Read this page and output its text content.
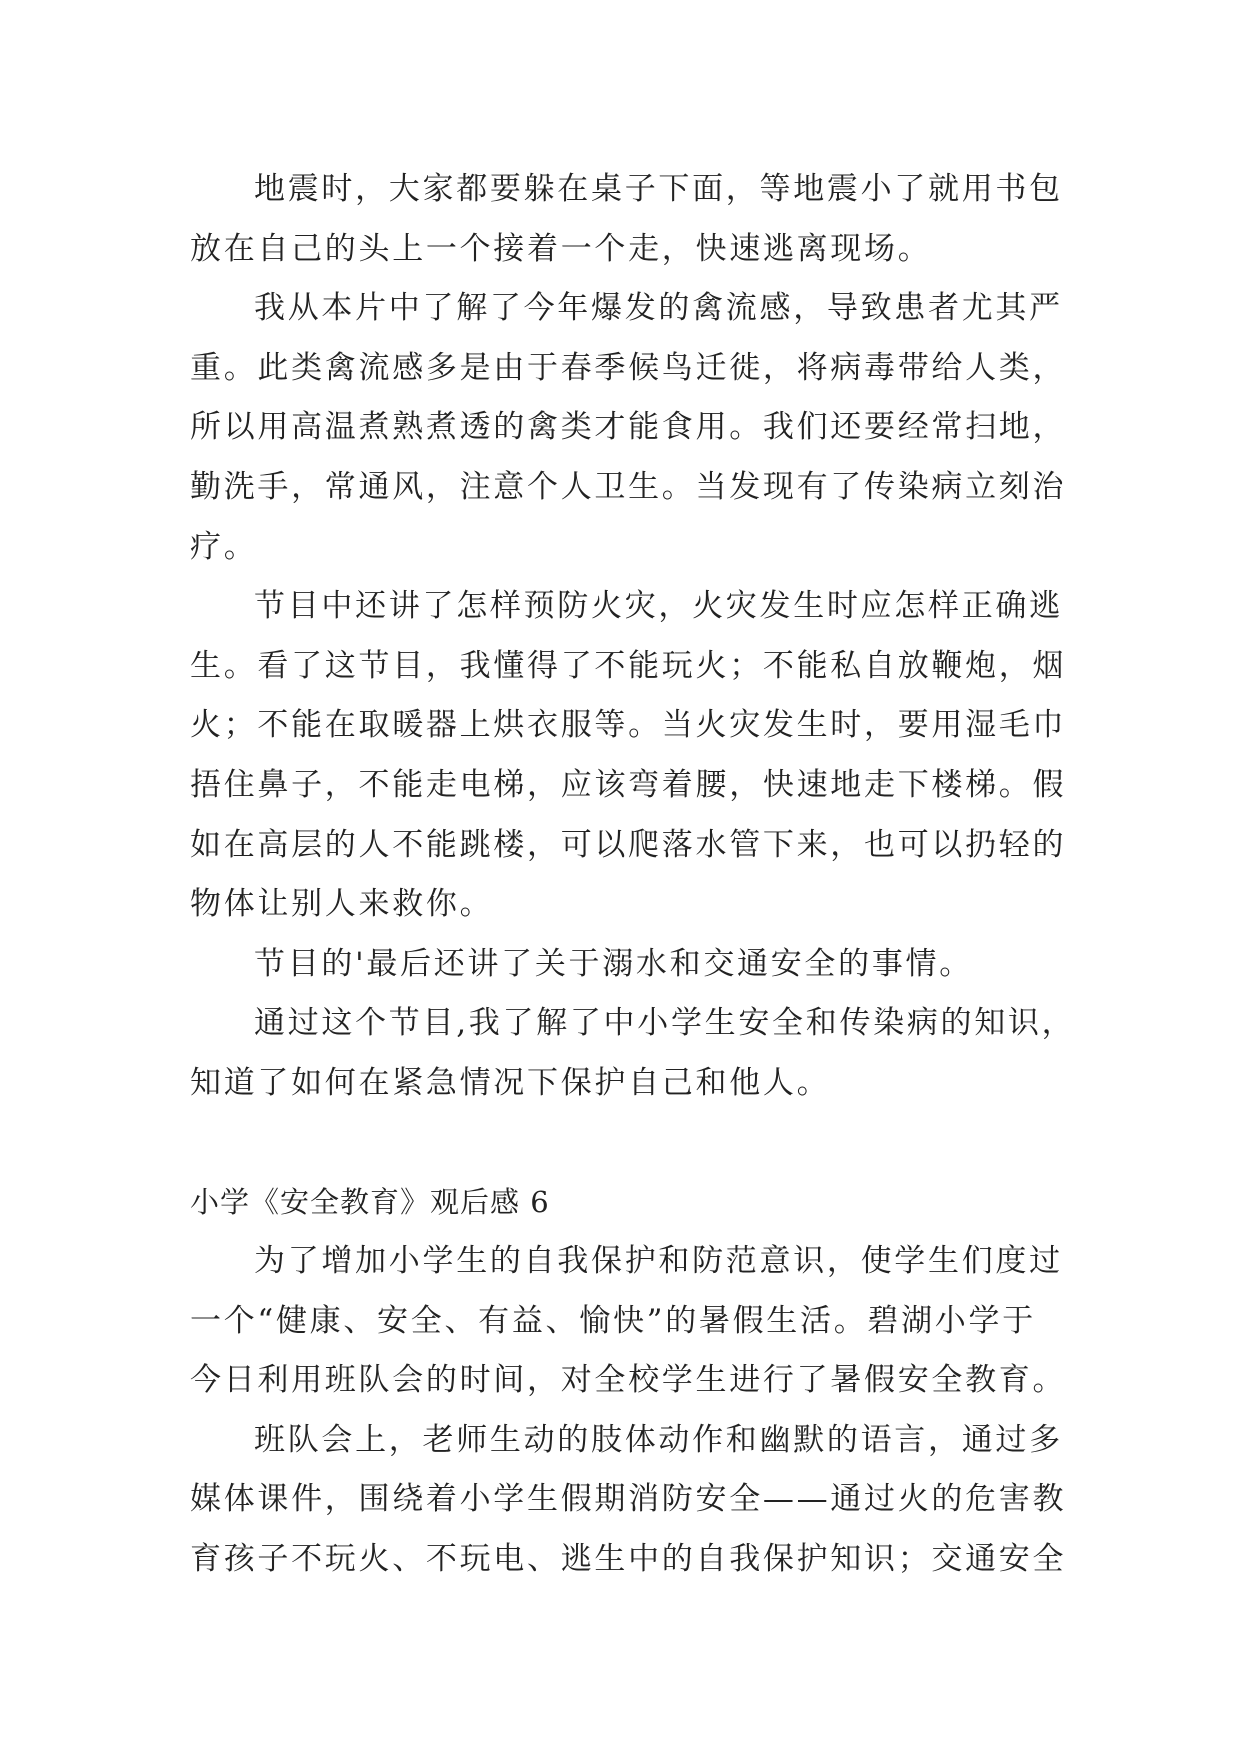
地震时，大家都要躲在桌子下面，等地震小了就用书包
放在自己的头上一个接着一个走，快速逃离现场。
我从本片中了解了今年爆发的禽流感，导致患者尤其严
重。此类禽流感多是由于春季候鸟迁徙，将病毒带给人类，
所以用高温煮熟煮透的禽类才能食用。我们还要经常扫地，
勤洗手，常通风，注意个人卫生。当发现有了传染病立刻治
疗。
节目中还讲了怎样预防火灾，火灾发生时应怎样正确逃
生。看了这节目，我懂得了不能玩火；不能私自放鞭炮，烟
火；不能在取暖器上烘衣服等。当火灾发生时，要用湿毛巾
捂住鼻子，不能走电梯，应该弯着腰，快速地走下楼梯。假
如在高层的人不能跳楼，可以爬落水管下来，也可以扔轻的
物体让别人来救你。
节目的'最后还讲了关于溺水和交通安全的事情。
通过这个节目,我了解了中小学生安全和传染病的知识，
知道了如何在紧急情况下保护自己和他人。
小学《安全教育》观后感 6
为了增加小学生的自我保护和防范意识，使学生们度过
一个“健康、安全、有益、愉快”的暑假生活。碧湖小学于
今日利用班队会的时间，对全校学生进行了暑假安全教育。
班队会上，老师生动的肢体动作和幽默的语言，通过多
媒体课件，围绕着小学生假期消防安全——通过火的危害教
育孩子不玩火、不玩电、逃生中的自我保护知识；交通安全
